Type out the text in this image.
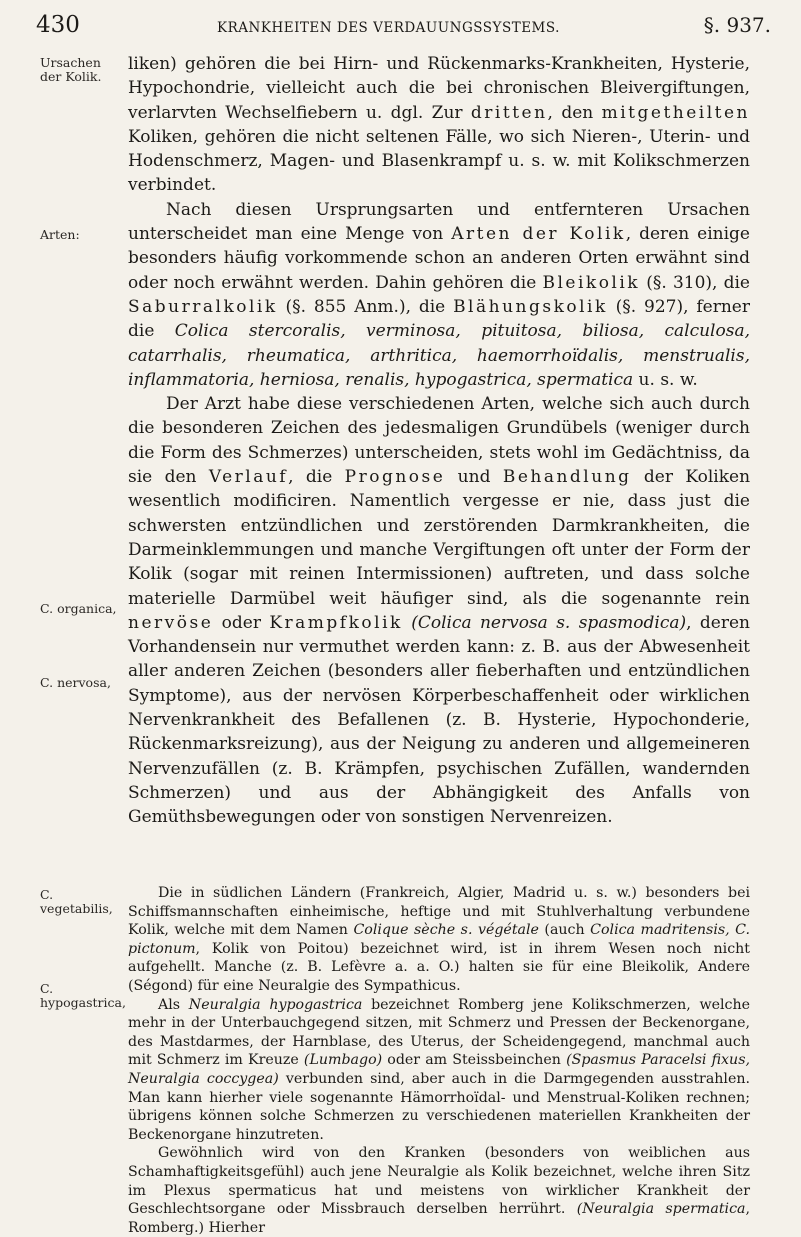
430	KRANKHEITEN DES VERDAUUNGSSYSTEMS.	§. 937.
Ursachen der Kolik.
Arten:
C. organica,
C. nervosa,
C. vegetabilis,
C. hypogastrica,

liken) gehören die bei Hirn- und Rückenmarks-Krankheiten, Hysterie, Hypochondrie, vielleicht auch die bei chronischen Bleivergiftungen, verlarvten Wechselfiebern u. dgl. Zur dritten, den mitgetheilten Koliken, gehören die nicht seltenen Fälle, wo sich Nieren-, Uterin- und Hodenschmerz, Magen- und Blasenkrampf u. s. w. mit Kolikschmerzen verbindet.

Nach diesen Ursprungsarten und entfernteren Ursachen unterscheidet man eine Menge von Arten der Kolik, deren einige besonders häufig vorkommende schon an anderen Orten erwähnt sind oder noch erwähnt werden. Dahin gehören die Bleikolik (§. 310), die Saburralkolik (§. 855 Anm.), die Blähungskolik (§. 927), ferner die Colica stercoralis, verminosa, pituitosa, biliosa, calculosa, catarrhalis, rheumatica, arthritica, haemorrhoïdalis, menstrualis, inflammatoria, herniosa, renalis, hypogastrica, spermatica u. s. w.

Der Arzt habe diese verschiedenen Arten, welche sich auch durch die besonderen Zeichen des jedesmaligen Grundübels (weniger durch die Form des Schmerzes) unterscheiden, stets wohl im Gedächtniss, da sie den Verlauf, die Prognose und Behandlung der Koliken wesentlich modificiren. Namentlich vergesse er nie, dass just die schwersten entzündlichen und zerstörenden Darmkrankheiten, die Darmeinklemmungen und manche Vergiftungen oft unter der Form der Kolik (sogar mit reinen Intermissionen) auftreten, und dass solche materielle Darmübel weit häufiger sind, als die sogenannte rein nervöse oder Krampfkolik (Colica nervosa s. spasmodica), deren Vorhandensein nur vermuthet werden kann: z. B. aus der Abwesenheit aller anderen Zeichen (besonders aller fieberhaften und entzündlichen Symptome), aus der nervösen Körperbeschaffenheit oder wirklichen Nervenkrankheit des Befallenen (z. B. Hysterie, Hypochonderie, Rückenmarksreizung), aus der Neigung zu anderen und allgemeineren Nervenzufällen (z. B. Krämpfen, psychischen Zufällen, wandernden Schmerzen) und aus der Abhängigkeit des Anfalls von Gemüthsbewegungen oder von sonstigen Nervenreizen.

Die in südlichen Ländern (Frankreich, Algier, Madrid u. s. w.) besonders bei Schiffsmannschaften einheimische, heftige und mit Stuhlverhaltung verbundene Kolik, welche mit dem Namen Colique sèche s. végétale (auch Colica madritensis, C. pictonum, Kolik von Poitou) bezeichnet wird, ist in ihrem Wesen noch nicht aufgehellt. Manche (z. B. Lefèvre a. a. O.) halten sie für eine Bleikolik, Andere (Ségond) für eine Neuralgie des Sympathicus.

Als Neuralgia hypogastrica bezeichnet Romberg jene Kolikschmerzen, welche mehr in der Unterbauchgegend sitzen, mit Schmerz und Pressen der Beckenorgane, des Mastdarmes, der Harnblase, des Uterus, der Scheidengegend, manchmal auch mit Schmerz im Kreuze (Lumbago) oder am Steissbeinchen (Spasmus Paracelsi fixus, Neuralgia coccygea) verbunden sind, aber auch in die Darmgegenden ausstrahlen. Man kann hierher viele sogenannte Hämorrhoïdal- und Menstrual-Koliken rechnen; übrigens können solche Schmerzen zu verschiedenen materiellen Krankheiten der Beckenorgane hinzutreten.

Gewöhnlich wird von den Kranken (besonders von weiblichen aus Schamhaftigkeitsgefühl) auch jene Neuralgie als Kolik bezeichnet, welche ihren Sitz im Plexus spermaticus hat und meistens von wirklicher Krankheit der Geschlechtsorgane oder Missbrauch derselben herrührt. (Neuralgia spermatica, Romberg.) Hierher
